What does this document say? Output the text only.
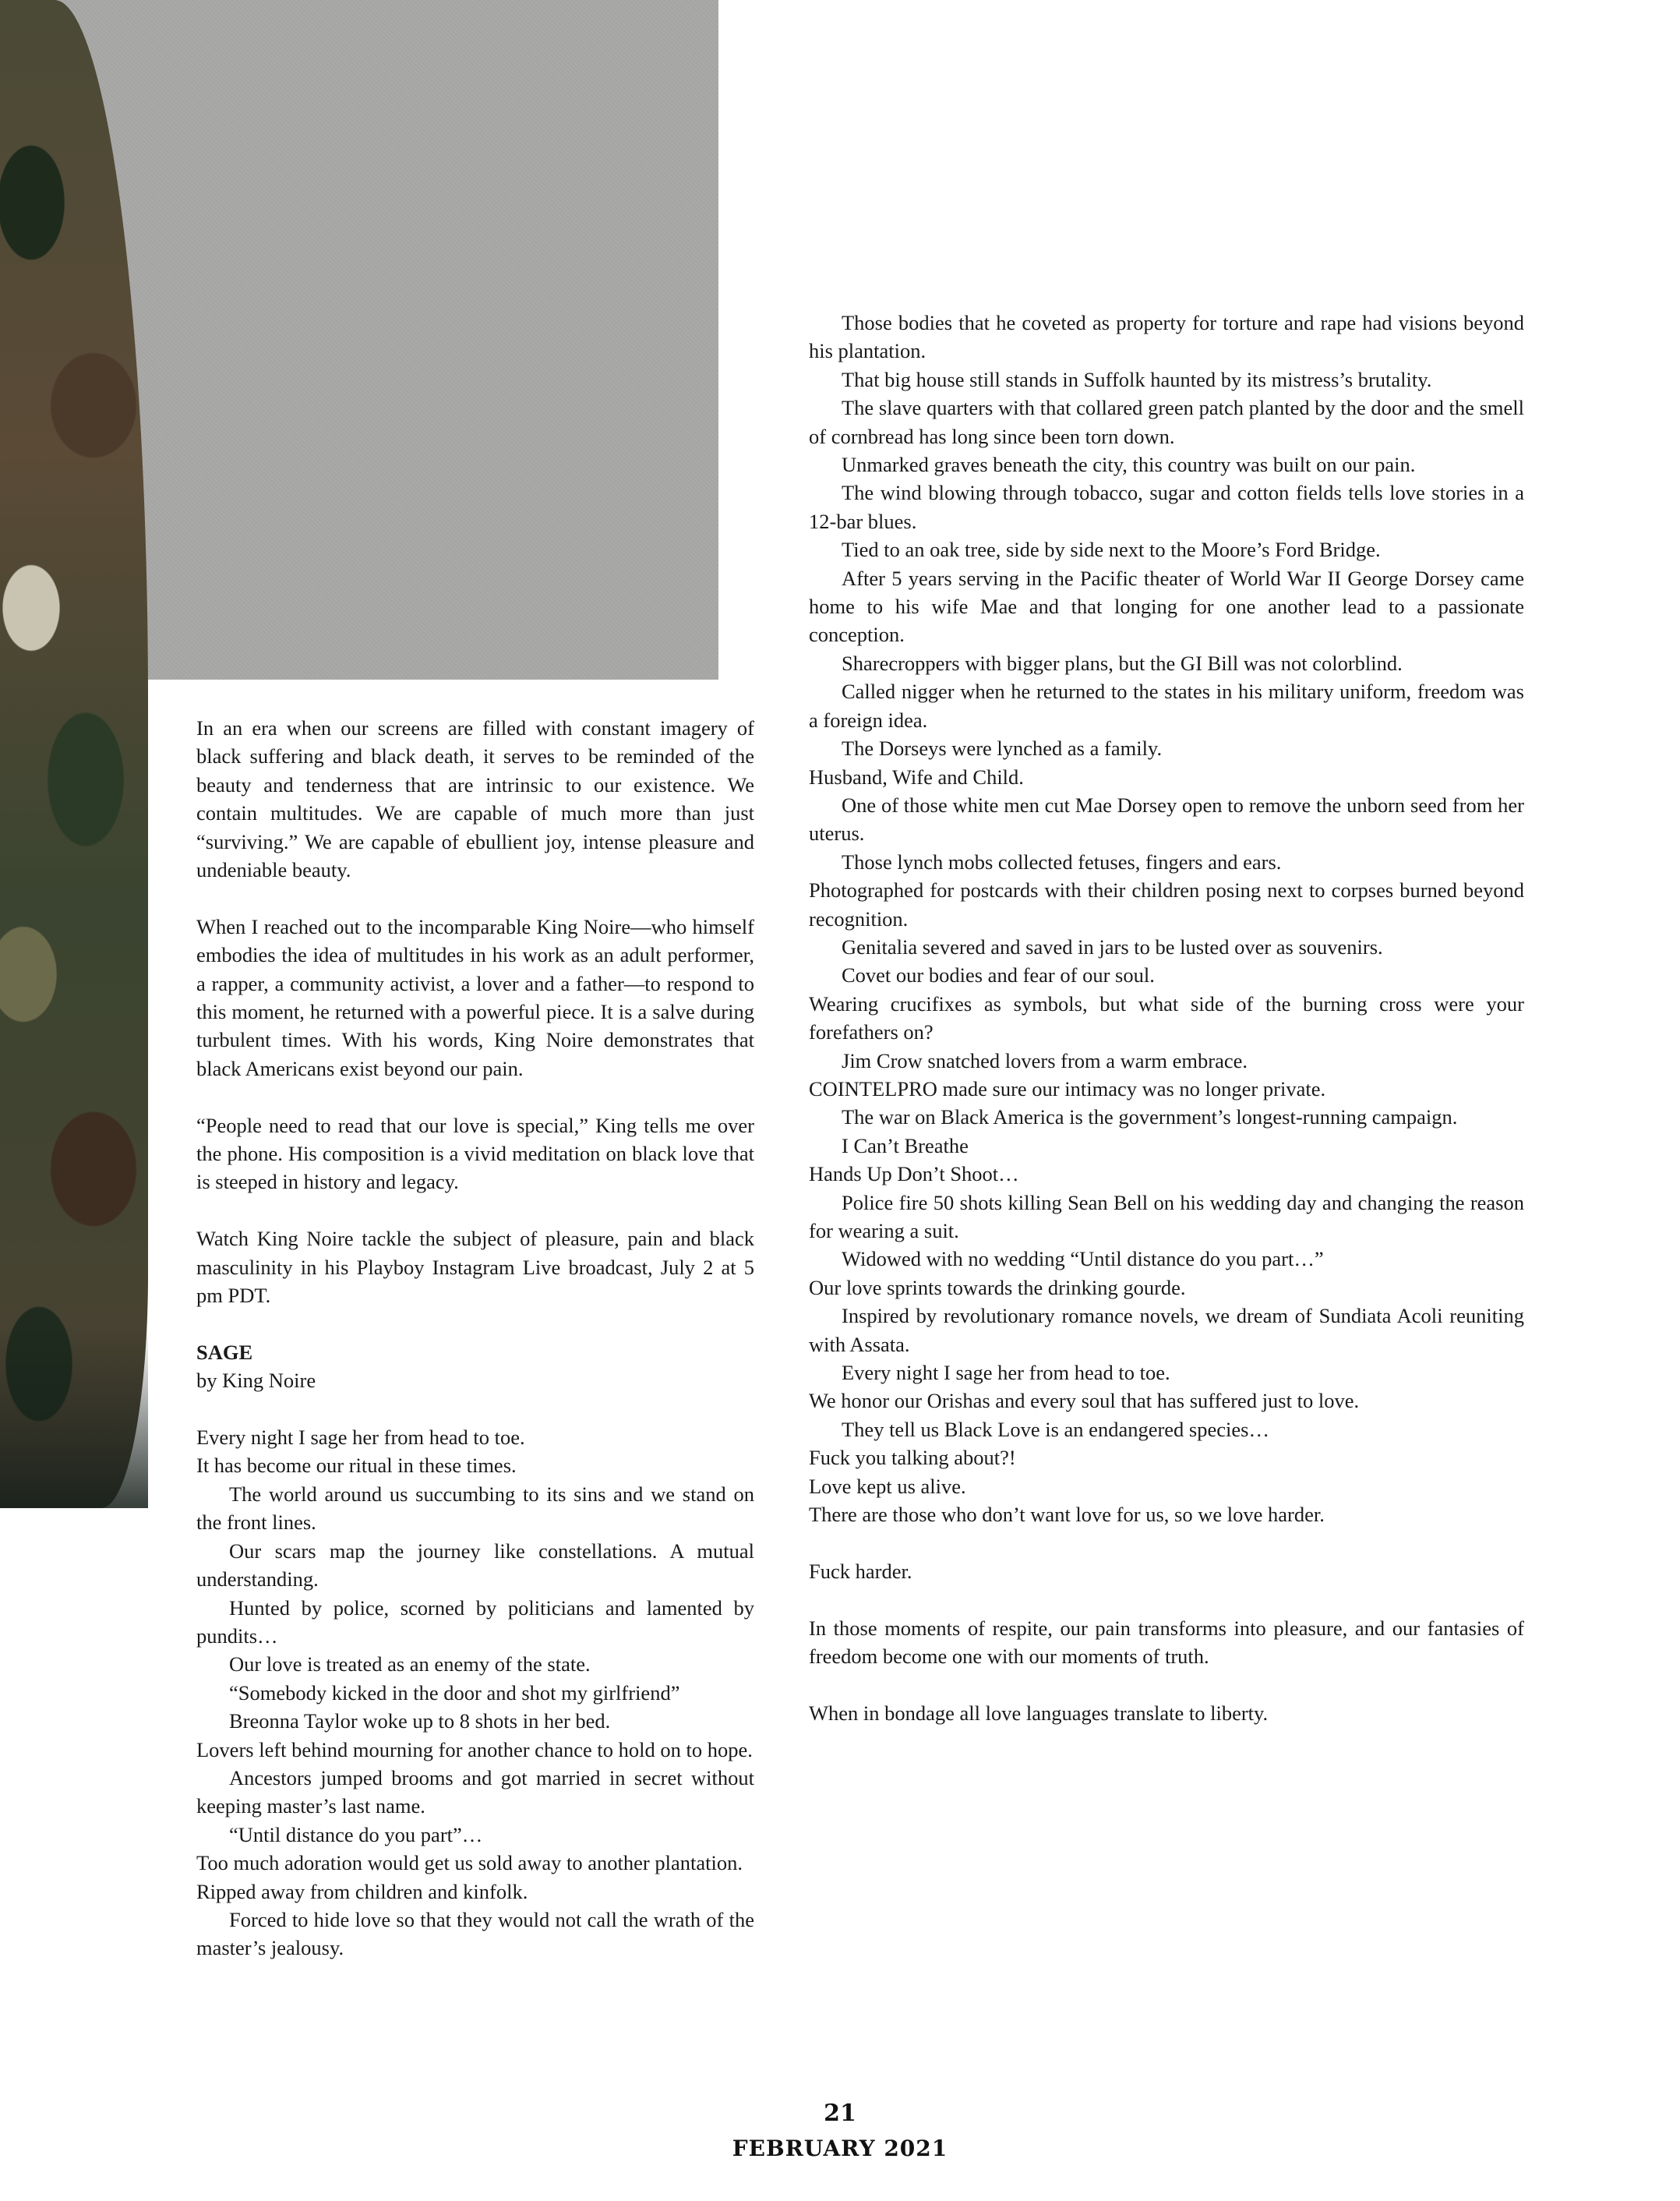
In an era when our screens are filled with constant imagery of black suffering and black death, it serves to be reminded of the beauty and tenderness that are intrinsic to our existence. We contain multitudes. We are capable of much more than just “surviving.” We are capable of ebullient joy, intense pleasure and undeniable beauty.

When I reached out to the incomparable King Noire—who himself embodies the idea of multitudes in his work as an adult performer, a rapper, a community activist, a lover and a father—to respond to this moment, he returned with a powerful piece. It is a salve during turbulent times. With his words, King Noire demonstrates that black Americans exist beyond our pain.

“People need to read that our love is special,” King tells me over the phone. His composition is a vivid meditation on black love that is steeped in history and legacy.

Watch King Noire tackle the subject of pleasure, pain and black masculinity in his Playboy Instagram Live broadcast, July 2 at 5 pm PDT.

SAGE

by King Noire

Every night I sage her from head to toe.

It has become our ritual in these times.

The world around us succumbing to its sins and we stand on the front lines.

Our scars map the journey like constellations. A mutual understanding.

Hunted by police, scorned by politicians and lamented by pundits…

Our love is treated as an enemy of the state.

“Somebody kicked in the door and shot my girlfriend”

Breonna Taylor woke up to 8 shots in her bed.

Lovers left behind mourning for another chance to hold on to hope.

Ancestors jumped brooms and got married in secret without keeping master’s last name.

“Until distance do you part”…

Too much adoration would get us sold away to another plantation.

Ripped away from children and kinfolk.

Forced to hide love so that they would not call the wrath of the master’s jealousy.

Those bodies that he coveted as property for torture and rape had visions beyond his plantation.

That big house still stands in Suffolk haunted by its mistress’s brutality.

The slave quarters with that collared green patch planted by the door and the smell of cornbread has long since been torn down.

Unmarked graves beneath the city, this country was built on our pain.

The wind blowing through tobacco, sugar and cotton fields tells love stories in a 12-bar blues.

Tied to an oak tree, side by side next to the Moore’s Ford Bridge.

After 5 years serving in the Pacific theater of World War II George Dorsey came home to his wife Mae and that longing for one another lead to a passionate conception.

Sharecroppers with bigger plans, but the GI Bill was not colorblind.

Called nigger when he returned to the states in his military uniform, freedom was a foreign idea.

The Dorseys were lynched as a family.

Husband, Wife and Child.

One of those white men cut Mae Dorsey open to remove the unborn seed from her uterus.

Those lynch mobs collected fetuses, fingers and ears.

Photographed for postcards with their children posing next to corpses burned beyond recognition.

Genitalia severed and saved in jars to be lusted over as souvenirs.

Covet our bodies and fear of our soul.

Wearing crucifixes as symbols, but what side of the burning cross were your forefathers on?

Jim Crow snatched lovers from a warm embrace.

COINTELPRO made sure our intimacy was no longer private.

The war on Black America is the government’s longest-running campaign.

I Can’t Breathe

Hands Up Don’t Shoot…

Police fire 50 shots killing Sean Bell on his wedding day and changing the reason for wearing a suit.

Widowed with no wedding “Until distance do you part…”

Our love sprints towards the drinking gourde.

Inspired by revolutionary romance novels, we dream of Sundiata Acoli reuniting with Assata.

Every night I sage her from head to toe.

We honor our Orishas and every soul that has suffered just to love.

They tell us Black Love is an endangered species…

Fuck you talking about?!

Love kept us alive.

There are those who don’t want love for us, so we love harder.

Fuck harder.

In those moments of respite, our pain transforms into pleasure, and our fantasies of freedom become one with our moments of truth.

When in bondage all love languages translate to liberty.

21
FEBRUARY 2021
